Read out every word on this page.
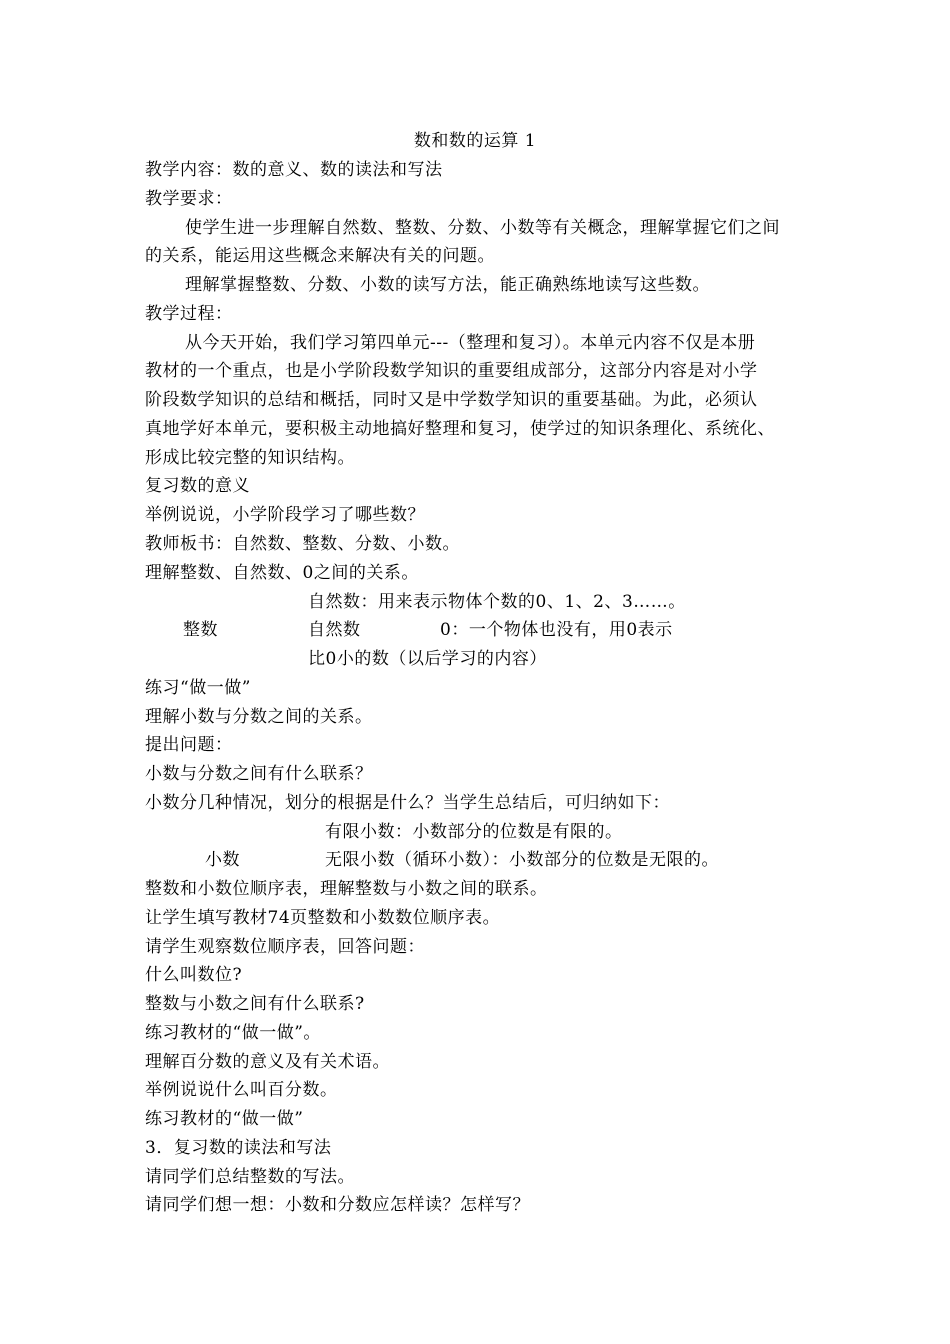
数和数的运算 1
教学内容：数的意义、数的读法和写法
教学要求：
使学生进一步理解自然数、整数、分数、小数等有关概念，理解掌握它们之间
的关系，能运用这些概念来解决有关的问题。
理解掌握整数、分数、小数的读写方法，能正确熟练地读写这些数。
教学过程：
从今天开始，我们学习第四单元---（整理和复习）。本单元内容不仅是本册
教材的一个重点，也是小学阶段数学知识的重要组成部分，这部分内容是对小学
阶段数学知识的总结和概括，同时又是中学数学知识的重要基础。为此，必须认
真地学好本单元，要积极主动地搞好整理和复习，使学过的知识条理化、系统化、
形成比较完整的知识结构。
复习数的意义
举例说说，小学阶段学习了哪些数？
教师板书：自然数、整数、分数、小数。
理解整数、自然数、0之间的关系。
自然数：用来表示物体个数的0、1、2、3……。
整数	自然数	0：一个物体也没有，用0表示
比0小的数（以后学习的内容）
练习“做一做”
理解小数与分数之间的关系。
提出问题：
小数与分数之间有什么联系？
小数分几种情况，划分的根据是什么？当学生总结后，可归纳如下：
有限小数：小数部分的位数是有限的。
小数	无限小数（循环小数）：小数部分的位数是无限的。
整数和小数位顺序表，理解整数与小数之间的联系。
让学生填写教材74页整数和小数数位顺序表。
请学生观察数位顺序表，回答问题：
什么叫数位?
整数与小数之间有什么联系?
练习教材的“做一做”。
理解百分数的意义及有关术语。
举例说说什么叫百分数。
练习教材的“做一做”
3．复习数的读法和写法
请同学们总结整数的写法。
请同学们想一想：小数和分数应怎样读？怎样写？
